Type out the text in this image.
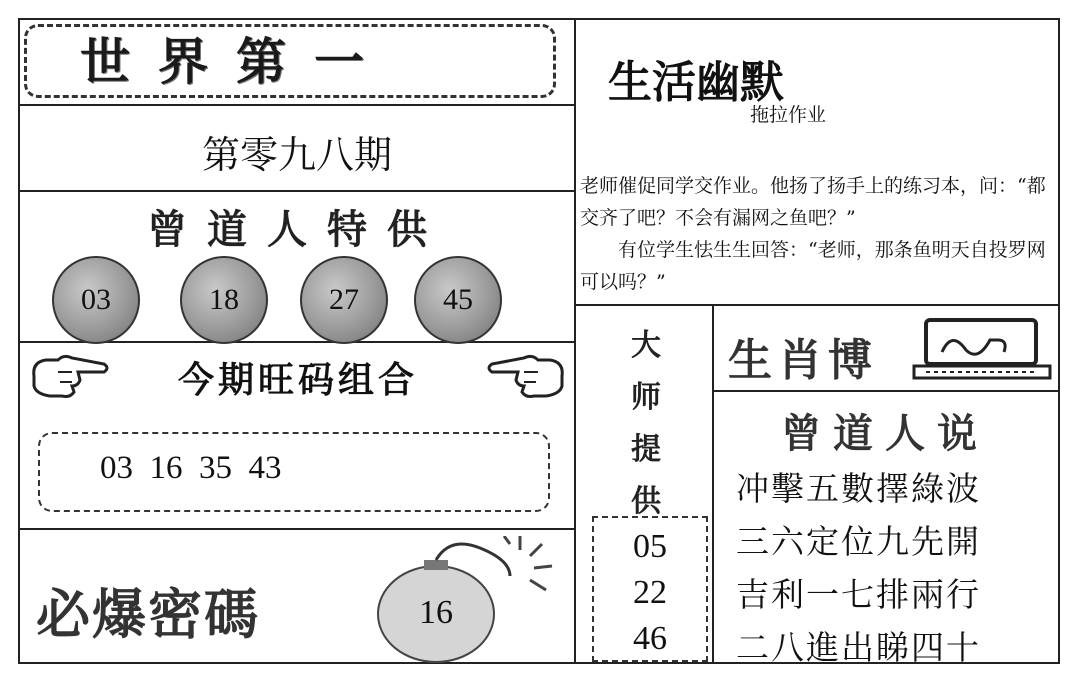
世界第一
第零九八期
曾道人特供
03	18	27	45
今期旺码组合
03  16  35  43
必爆密碼	16
生活幽默
拖拉作业
老师催促同学交作业。他扬了扬手上的练习本，问：“都交齐了吧？不会有漏网之鱼吧？”
有位学生怯生生回答：“老师，那条鱼明天自投罗网可以吗？”
大
师
提
供
05
22
46
生肖博
曾道人说
冲擊五數擇綠波
三六定位九先開
吉利一七排兩行
二八進出睇四十
